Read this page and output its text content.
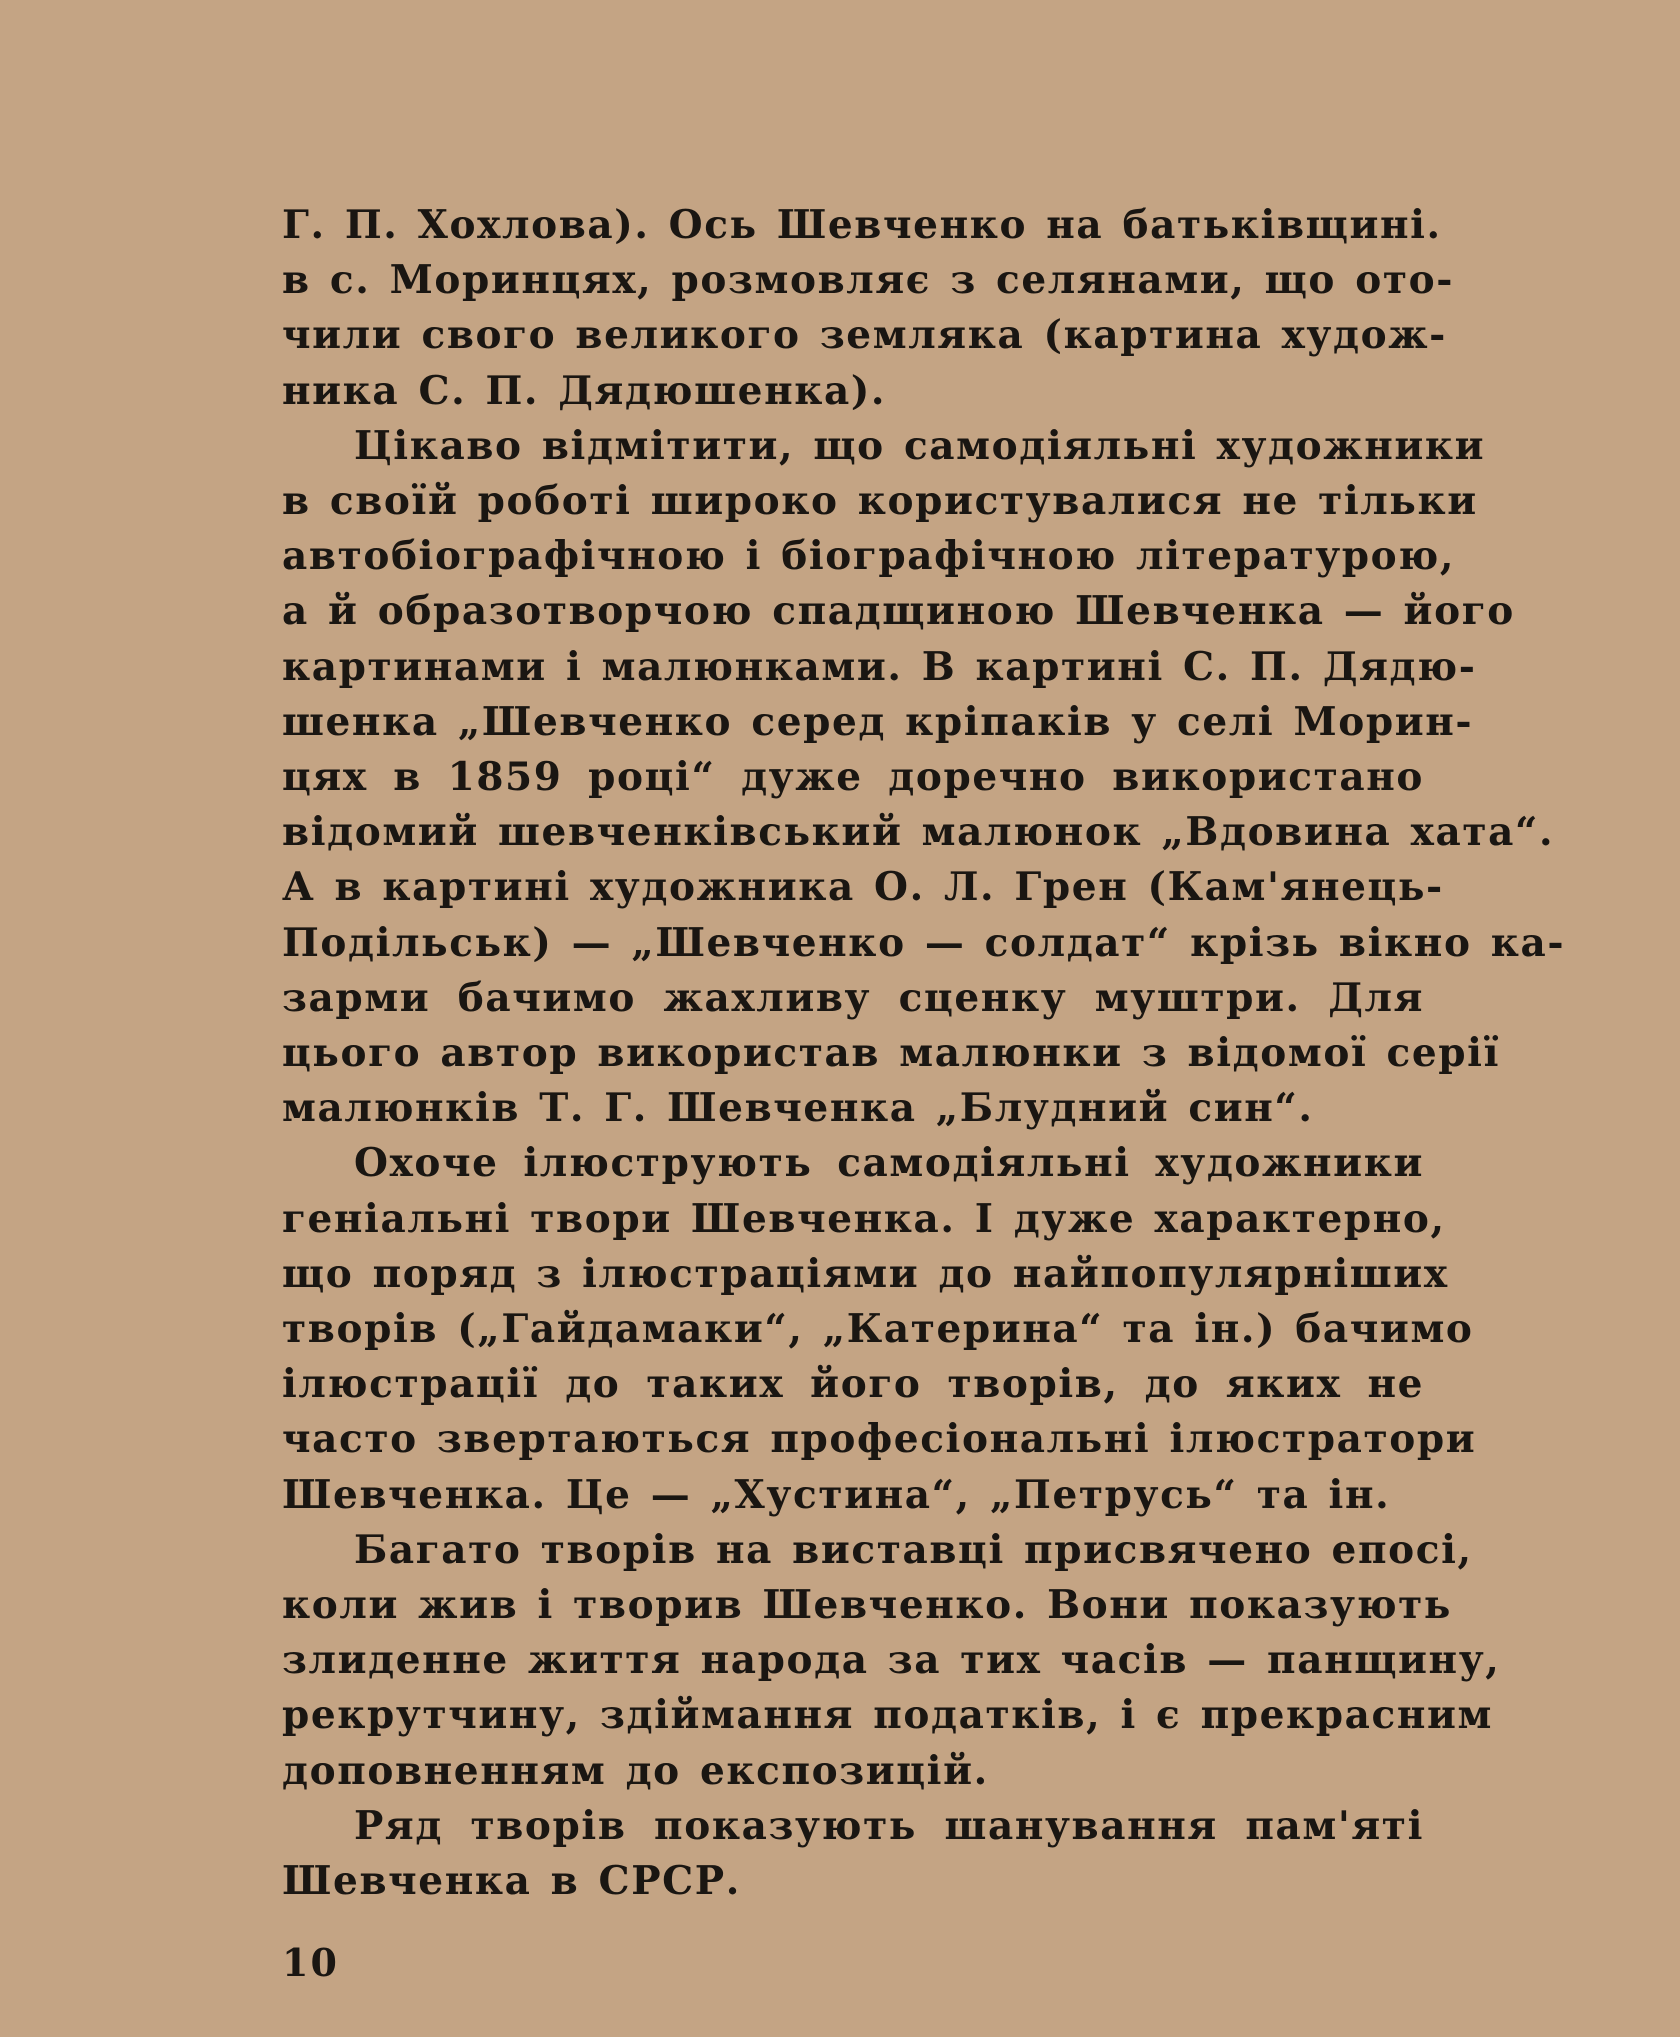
Г. П. Хохлова). Ось Шевченко на батьківщині.
в с. Моринцях, розмовляє з селянами, що ото-
чили свого великого земляка (картина худож-
ника С. П. Дядюшенка).

Цікаво відмітити, що самодіяльні художники
в своїй роботі широко користувалися не тільки
автобіографічною і біографічною літературою,
а й образотворчою спадщиною Шевченка — його
картинами і малюнками. В картині С. П. Дядю-
шенка „Шевченко серед кріпаків у селі Морин-
цях в 1859 році“ дуже доречно використано
відомий шевченківський малюнок „Вдовина хата“.
А в картині художника О. Л. Грен (Кам'янець-
Подільськ) — „Шевченко — солдат“ крізь вікно ка-
зарми бачимо жахливу сценку муштри. Для
цього автор використав малюнки з відомої серії
малюнків Т. Г. Шевченка „Блудний син“.

Охоче ілюструють самодіяльні художники
геніальні твори Шевченка. І дуже характерно,
що поряд з ілюстраціями до найпопулярніших
творів („Гайдамаки“, „Катерина“ та ін.) бачимо
ілюстрації до таких його творів, до яких не
часто звертаються професіональні ілюстратори
Шевченка. Це — „Хустина“, „Петрусь“ та ін.

Багато творів на виставці присвячено епосі,
коли жив і творив Шевченко. Вони показують
злиденне життя народа за тих часів — панщину,
рекрутчину, здіймання податків, і є прекрасним
доповненням до експозицій.

Ряд творів показують шанування пам'яті
Шевченка в СРСР.

10
